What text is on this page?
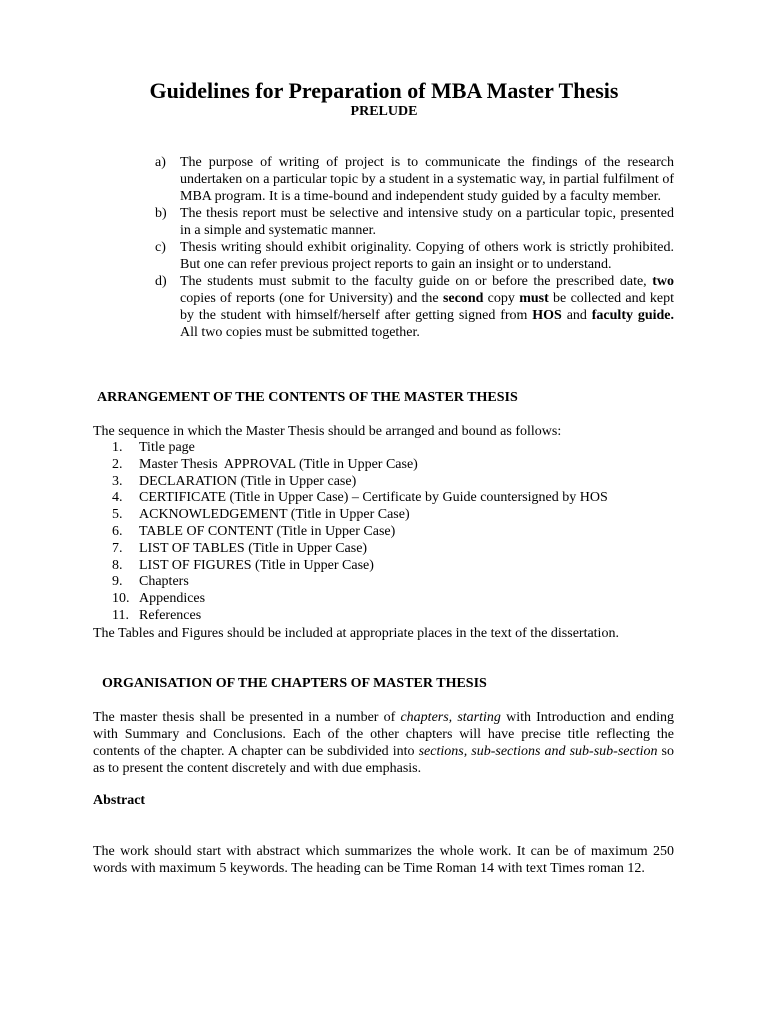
Guidelines for Preparation of MBA Master Thesis
PRELUDE
a)	The purpose of writing of project is to communicate the findings of the research undertaken on a particular topic by a student in a systematic way, in partial fulfilment of MBA program. It is a time-bound and independent study guided by a faculty member.
b) The thesis report must be selective and intensive study on a particular topic, presented in a simple and systematic manner.
c)	Thesis writing should exhibit originality. Copying of others work is strictly prohibited. But one can refer previous project reports to gain an insight or to understand.
d) The students must submit to the faculty guide on or before the prescribed date, two copies of reports (one for University) and the second copy must be collected and kept by the student with himself/herself after getting signed from HOS and faculty guide. All two copies must be submitted together.
ARRANGEMENT OF THE CONTENTS OF THE MASTER THESIS

The sequence in which the Master Thesis should be arranged and bound as follows:

1.	Title page
2.	Master Thesis  APPROVAL (Title in Upper Case)
3.	DECLARATION (Title in Upper case)
4.	CERTIFICATE (Title in Upper Case) – Certificate by Guide countersigned by HOS
5.	ACKNOWLEDGEMENT (Title in Upper Case)
6.	TABLE OF CONTENT (Title in Upper Case)
7.	LIST OF TABLES (Title in Upper Case)
8.	LIST OF FIGURES (Title in Upper Case)
9.	Chapters
10. Appendices
11. References

The Tables and Figures should be included at appropriate places in the text of the dissertation.

ORGANISATION OF THE CHAPTERS OF MASTER THESIS

The master thesis shall be presented in a number of chapters, starting with Introduction and ending with Summary and Conclusions. Each of the other chapters will have precise title reflecting the contents of the chapter. A chapter can be subdivided into sections, sub-sections and sub-sub-section so as to present the content discretely and with due emphasis.

Abstract

The work should start with abstract which summarizes the whole work. It can be of maximum 250 words with maximum 5 keywords. The heading can be Time Roman 14 with text Times roman 12.
